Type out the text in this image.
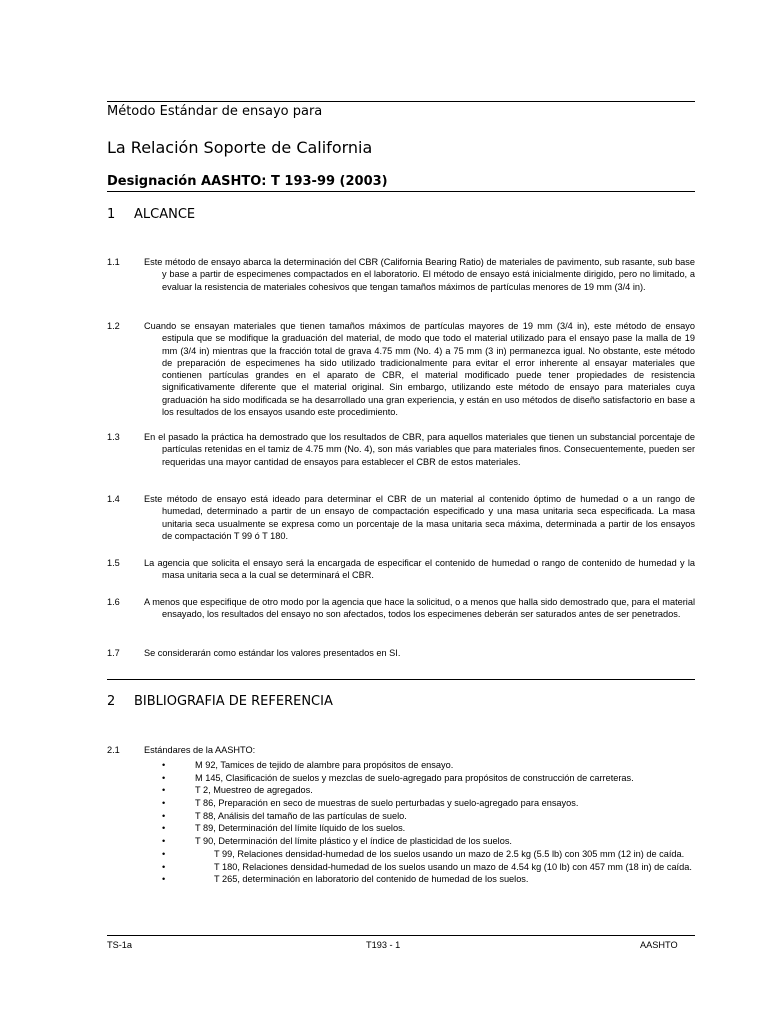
Método Estándar de ensayo para
La Relación Soporte de California
Designación AASHTO: T 193-99 (2003)
1 ALCANCE
1.1	Este método de ensayo abarca la determinación del CBR (California Bearing Ratio) de materiales de pavimento, sub rasante, sub base y base a partir de especimenes compactados en el laboratorio. El método de ensayo está inicialmente dirigido, pero no limitado, a evaluar la resistencia de materiales cohesivos que tengan tamaños máximos de partículas menores de 19 mm (3/4 in).
1.2	Cuando se ensayan materiales que tienen tamaños máximos de partículas mayores de 19 mm (3/4 in), este método de ensayo estipula que se modifique la graduación del material, de modo que todo el material utilizado para el ensayo pase la malla de 19 mm (3/4 in) mientras que la fracción total de grava 4.75 mm (No. 4) a 75 mm (3 in) permanezca igual. No obstante, este método de preparación de especimenes ha sido utilizado tradicionalmente para evitar el error inherente al ensayar materiales que contienen partículas grandes en el aparato de CBR, el material modificado puede tener propiedades de resistencia significativamente diferente que el material original. Sin embargo, utilizando este método de ensayo para materiales cuya graduación ha sido modificada se ha desarrollado una gran experiencia, y están en uso métodos de diseño satisfactorio en base a los resultados de los ensayos usando este procedimiento.
1.3	En el pasado la práctica ha demostrado que los resultados de CBR, para aquellos materiales que tienen un substancial porcentaje de partículas retenidas en el tamiz de 4.75 mm (No. 4), son más variables que para materiales finos. Consecuentemente, pueden ser requeridas una mayor cantidad de ensayos para establecer el CBR de estos materiales.
1.4	Este método de ensayo está ideado para determinar el CBR de un material al contenido óptimo de humedad o a un rango de humedad, determinado a partir de un ensayo de compactación especificado y una masa unitaria seca especificada. La masa unitaria seca usualmente se expresa como un porcentaje de la masa unitaria seca máxima, determinada a partir de los ensayos de compactación T 99 ó T 180.
1.5	La agencia que solicita el ensayo será la encargada de especificar el contenido de humedad o rango de contenido de humedad y la masa unitaria seca a la cual se determinará el CBR.
1.6	A menos que especifique de otro modo por la agencia que hace la solicitud, o a menos que halla sido demostrado que, para el material ensayado, los resultados del ensayo no son afectados, todos los especimenes deberán ser saturados antes de ser penetrados.
1.7	Se considerarán como estándar los valores presentados en SI.
2 BIBLIOGRAFIA DE REFERENCIA
2.1	Estándares de la AASHTO:
•	M 92, Tamices de tejido de alambre para propósitos de ensayo.
•	M 145, Clasificación de suelos y mezclas de suelo-agregado para propósitos de construcción de carreteras.
•	T 2, Muestreo de agregados.
•	T 86, Preparación en seco de muestras de suelo perturbadas y suelo-agregado para ensayos.
•	T 88, Análisis del tamaño de las partículas de suelo.
•	T 89, Determinación del límite líquido de los suelos.
•	T 90, Determinación del límite plástico y el índice de plasticidad de los suelos.
•	T 99, Relaciones densidad-humedad de los suelos usando un mazo de 2.5 kg (5.5 lb) con 305 mm (12 in) de caída.
•	T 180, Relaciones densidad-humedad de los suelos usando un mazo de 4.54 kg (10 lb) con 457 mm (18 in) de caída.
•	T 265, determinación en laboratorio del contenido de humedad de los suelos.
TS-1a	T193 - 1	AASHTO
